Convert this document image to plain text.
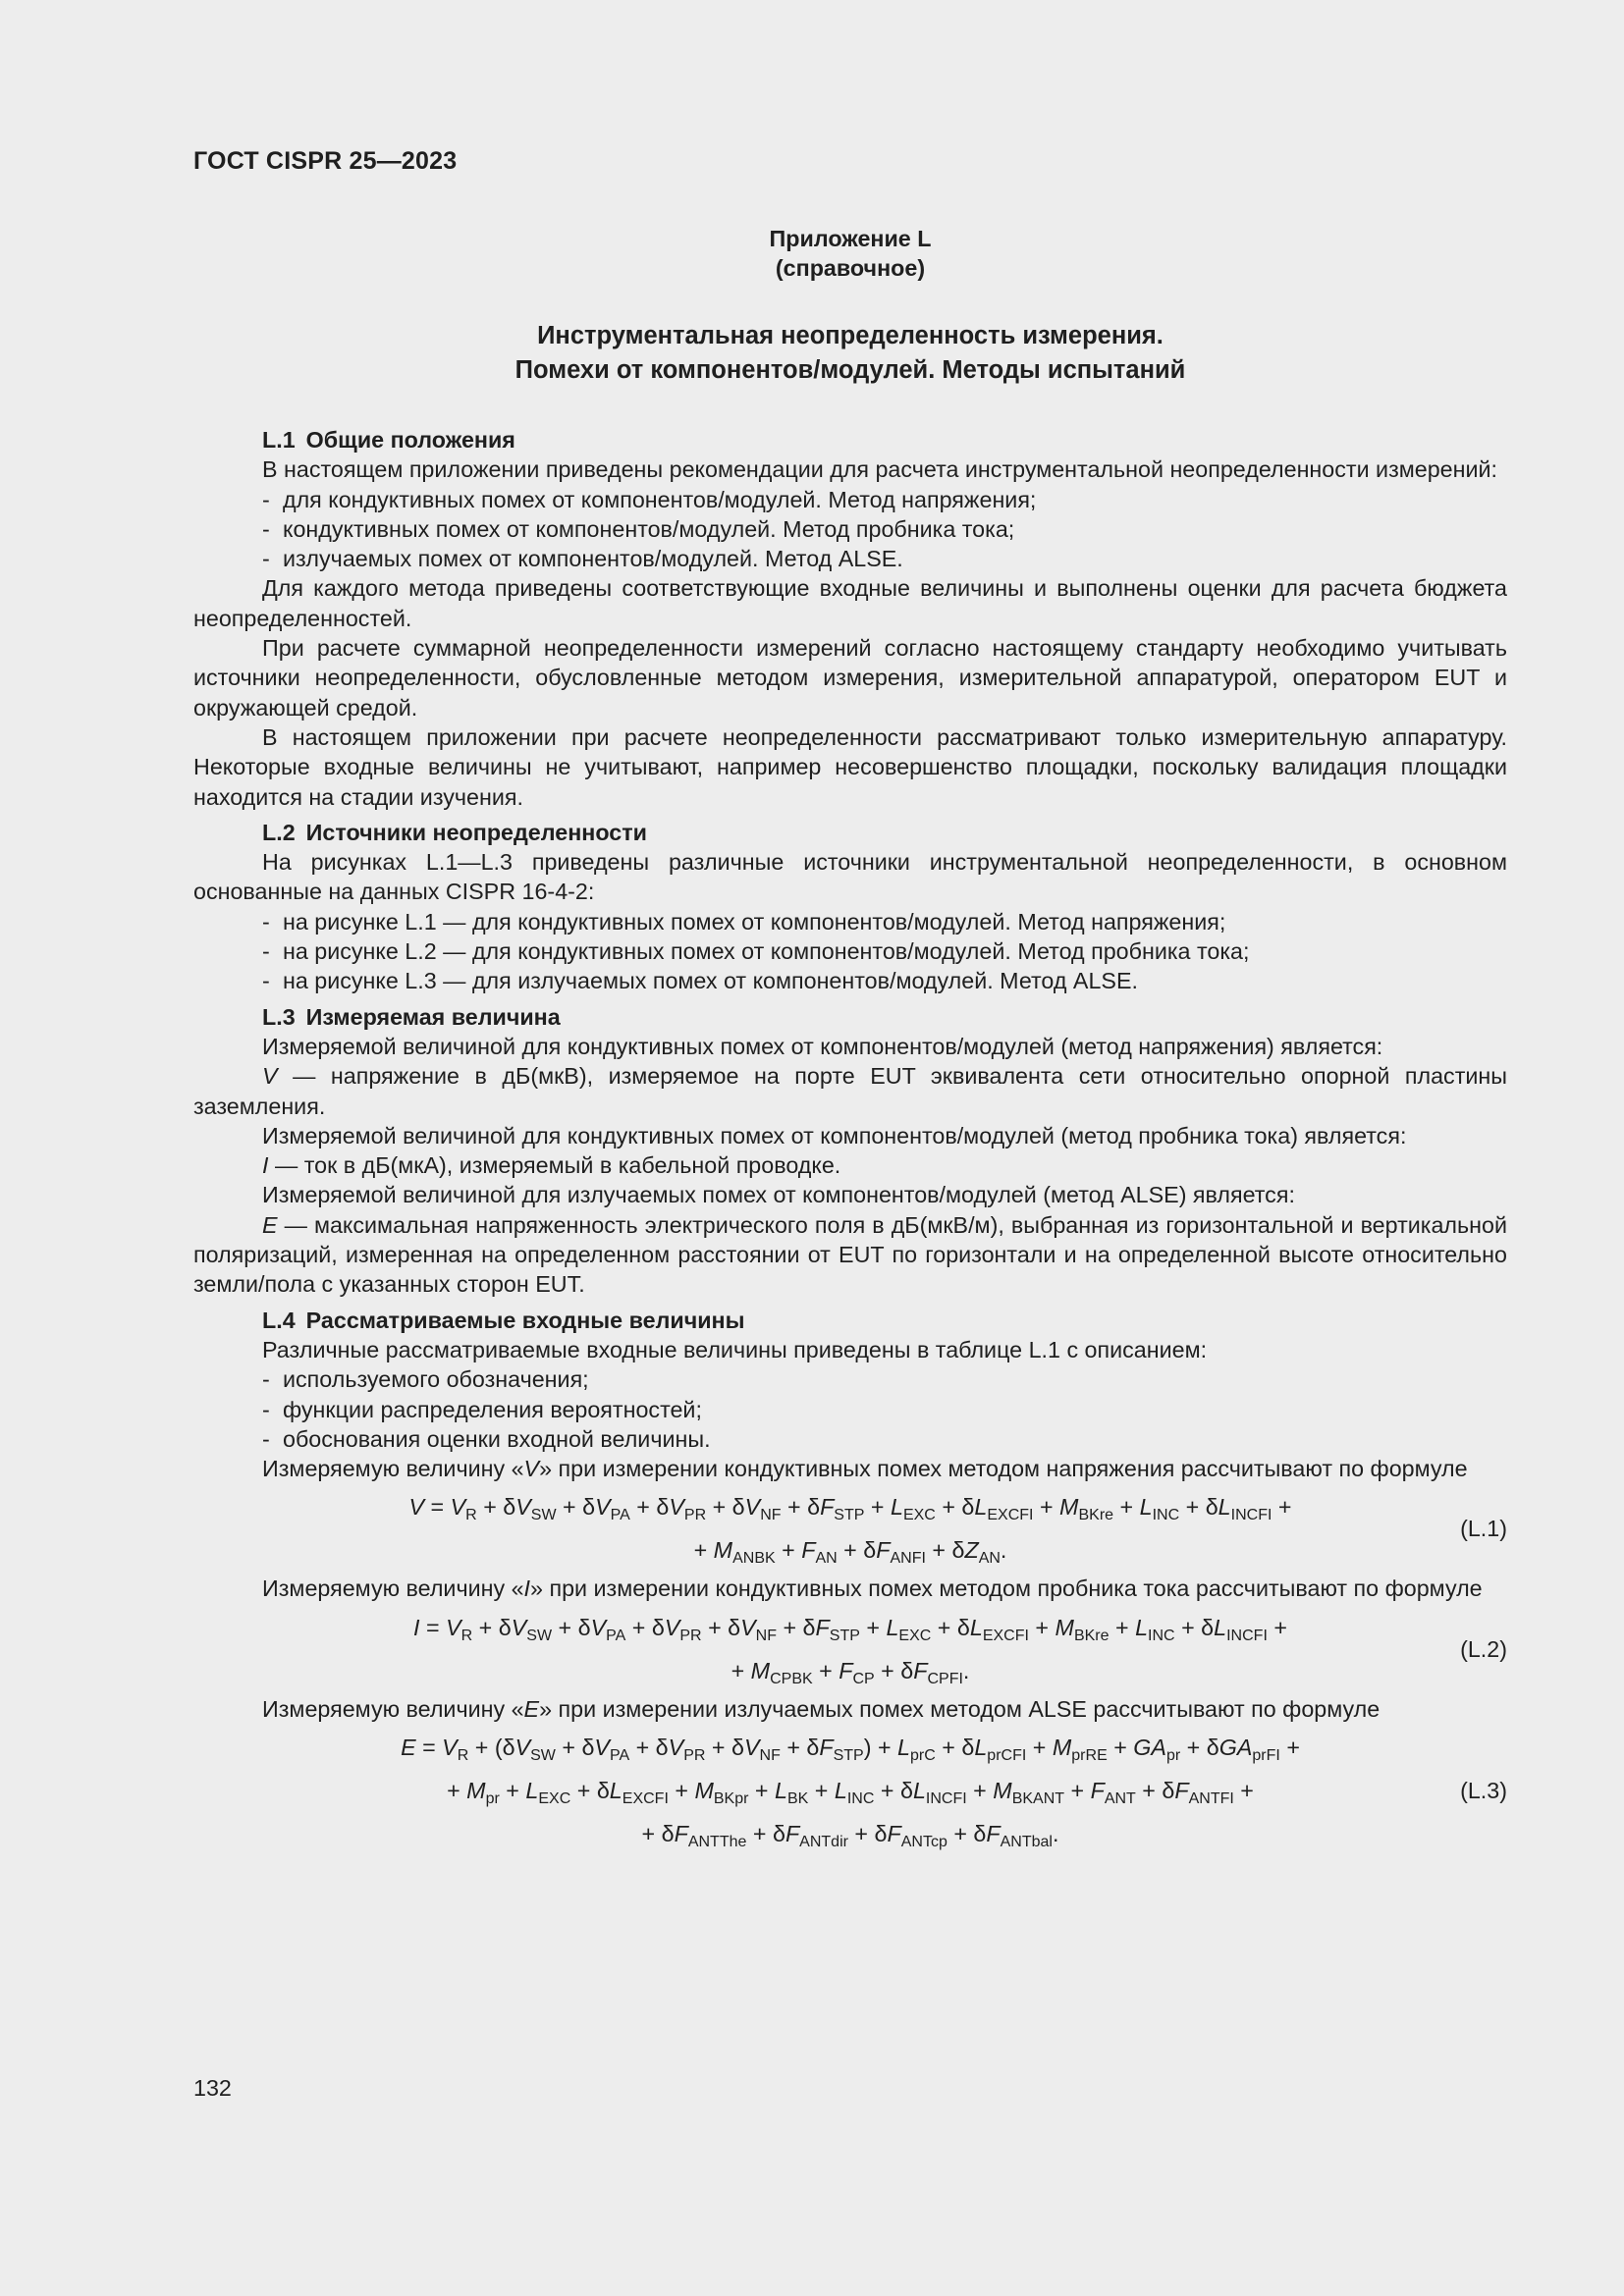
ГОСТ CISPR 25—2023
Приложение L
(справочное)
Инструментальная неопределенность измерения.
Помехи от компонентов/модулей. Методы испытаний
L.1 Общие положения

В настоящем приложении приведены рекомендации для расчета инструментальной неопределенности измерений:

- для кондуктивных помех от компонентов/модулей. Метод напряжения;
- кондуктивных помех от компонентов/модулей. Метод пробника тока;
- излучаемых помех от компонентов/модулей. Метод ALSE.

Для каждого метода приведены соответствующие входные величины и выполнены оценки для расчета бюджета неопределенностей.

При расчете суммарной неопределенности измерений согласно настоящему стандарту необходимо учитывать источники неопределенности, обусловленные методом измерения, измерительной аппаратурой, оператором EUT и окружающей средой.

В настоящем приложении при расчете неопределенности рассматривают только измерительную аппаратуру. Некоторые входные величины не учитывают, например несовершенство площадки, поскольку валидация площадки находится на стадии изучения.

L.2 Источники неопределенности

На рисунках L.1—L.3 приведены различные источники инструментальной неопределенности, в основном основанные на данных CISPR 16-4-2:

- на рисунке L.1 — для кондуктивных помех от компонентов/модулей. Метод напряжения;
- на рисунке L.2 — для кондуктивных помех от компонентов/модулей. Метод пробника тока;
- на рисунке L.3 — для излучаемых помех от компонентов/модулей. Метод ALSE.
L.3 Измеряемая величина

Измеряемой величиной для кондуктивных помех от компонентов/модулей (метод напряжения) является:

V — напряжение в дБ(мкВ), измеряемое на порте EUT эквивалента сети относительно опорной пластины заземления.

Измеряемой величиной для кондуктивных помех от компонентов/модулей (метод пробника тока) является:

I — ток в дБ(мкА), измеряемый в кабельной проводке.

Измеряемой величиной для излучаемых помех от компонентов/модулей (метод ALSE) является:

E — максимальная напряженность электрического поля в дБ(мкВ/м), выбранная из горизонтальной и вертикальной поляризаций, измеренная на определенном расстоянии от EUT по горизонтали и на определенной высоте относительно земли/пола с указанных сторон EUT.

L.4 Рассматриваемые входные величины

Различные рассматриваемые входные величины приведены в таблице L.1 с описанием:

- используемого обозначения;
- функции распределения вероятностей;
- обоснования оценки входной величины.

Измеряемую величину «V» при измерении кондуктивных помех методом напряжения рассчитывают по формуле

$V = V_R + \delta V_{SW} + \delta V_{PA} + \delta V_{PR} + \delta V_{NF} + \delta F_{STP} + L_{EXC} + \delta L_{EXCFI} + M_{BKre} + L_{INC} + \delta L_{INCFI}$ +
+ $M_{ANBK} + F_{AN} + \delta F_{ANFI} + \delta Z_{AN}$.
(L.1)

Измеряемую величину «I» при измерении кондуктивных помех методом пробника тока рассчитывают по формуле

$I = V_R + \delta V_{SW} + \delta V_{PA} + \delta V_{PR} + \delta V_{NF} + \delta F_{STP} + L_{EXC} + \delta L_{EXCFI} + M_{BKre} + L_{INC} + \delta L_{INCFI}$ +
+ $M_{CPBK} + F_{CP} + \delta F_{CPFI}$.
(L.2)

Измеряемую величину «E» при измерении излучаемых помех методом ALSE рассчитывают по формуле

$E = V_R + (\delta V_{SW} + \delta V_{PA} + \delta V_{PR} + \delta V_{NF} + \delta F_{STP}) + L_{prC} + \delta L_{prCFI} + M_{prRE} + GA_{pr} + \delta GA_{prFI}$ +
+ $M_{pr} + L_{EXC} + \delta L_{EXCFI} + M_{BKpr} + L_{BK} + L_{INC} + \delta L_{INCFI} + M_{BKANT} + F_{ANT} + \delta F_{ANTFI}$ +
+ $\delta F_{ANTThe} + \delta F_{ANTdir} + \delta F_{ANTcp} + \delta F_{ANTbal}$.
(L.3)
132
